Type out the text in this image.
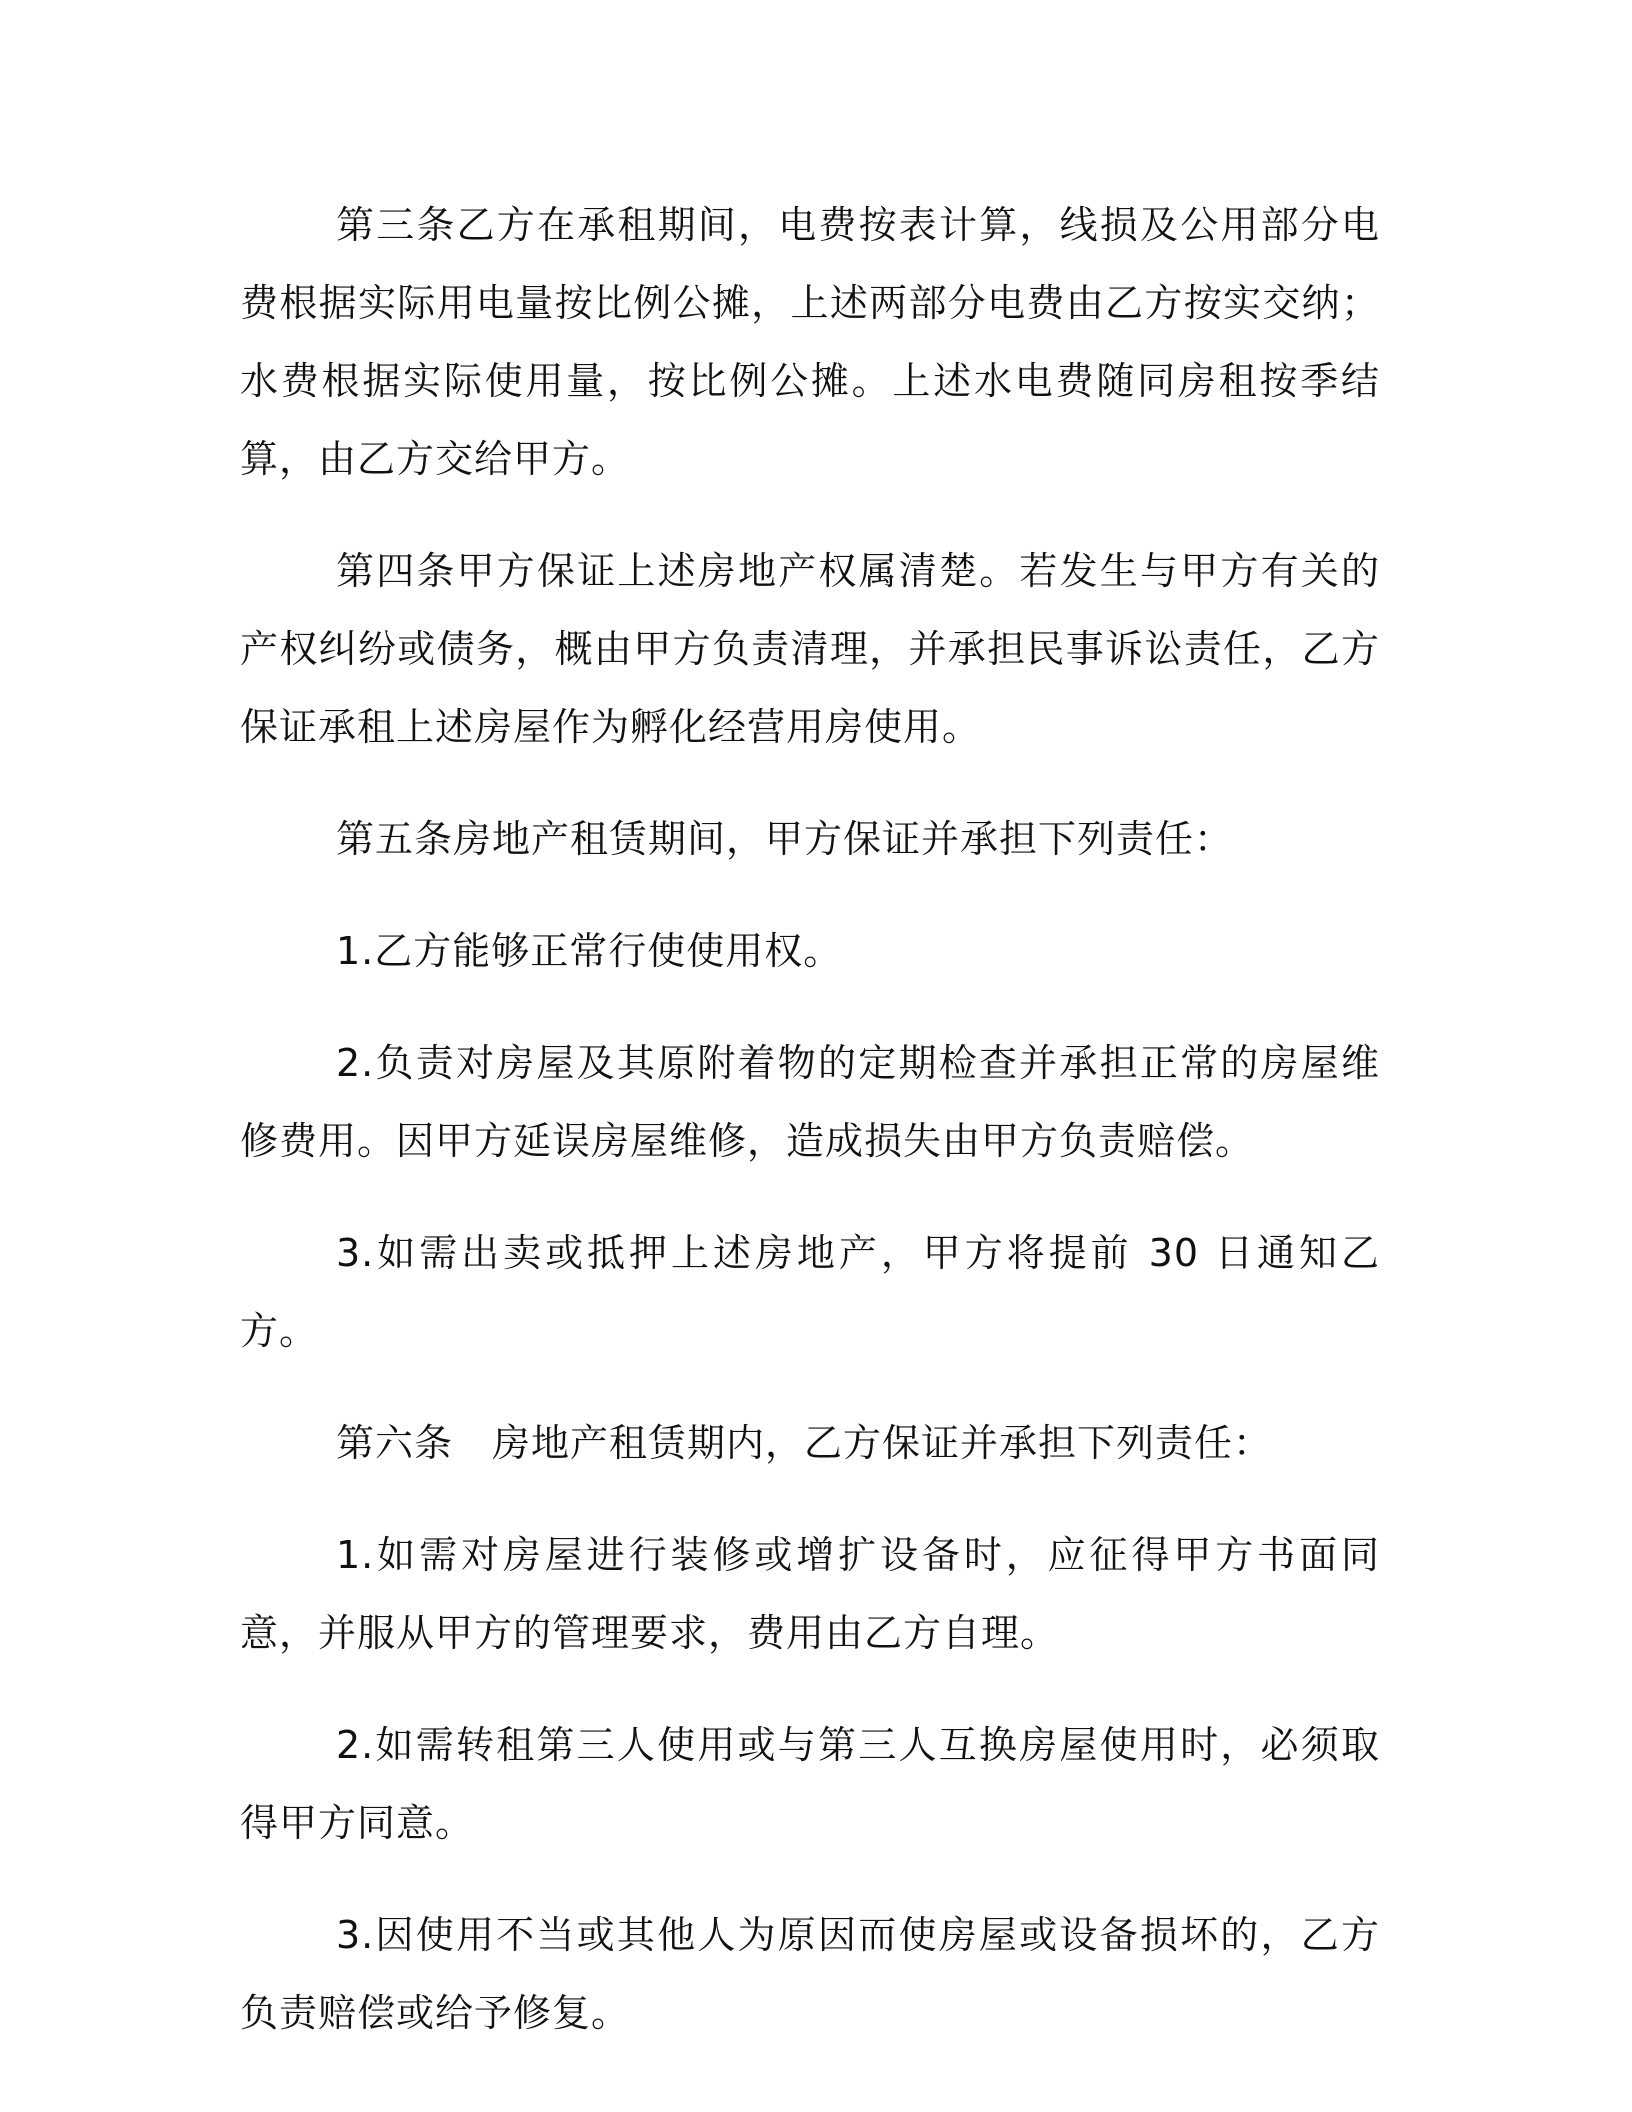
第三条乙方在承租期间，电费按表计算，线损及公用部分电费根据实际用电量按比例公摊，上述两部分电费由乙方按实交纳；水费根据实际使用量，按比例公摊。上述水电费随同房租按季结算，由乙方交给甲方。

第四条甲方保证上述房地产权属清楚。若发生与甲方有关的产权纠纷或债务，概由甲方负责清理，并承担民事诉讼责任，乙方保证承租上述房屋作为孵化经营用房使用。

第五条房地产租赁期间，甲方保证并承担下列责任：

1.乙方能够正常行使使用权。

2.负责对房屋及其原附着物的定期检查并承担正常的房屋维修费用。因甲方延误房屋维修，造成损失由甲方负责赔偿。

3.如需出卖或抵押上述房地产，甲方将提前 30 日通知乙方。

第六条　房地产租赁期内，乙方保证并承担下列责任：

1.如需对房屋进行装修或增扩设备时，应征得甲方书面同意，并服从甲方的管理要求，费用由乙方自理。

2.如需转租第三人使用或与第三人互换房屋使用时，必须取得甲方同意。

3.因使用不当或其他人为原因而使房屋或设备损坏的，乙方负责赔偿或给予修复。
